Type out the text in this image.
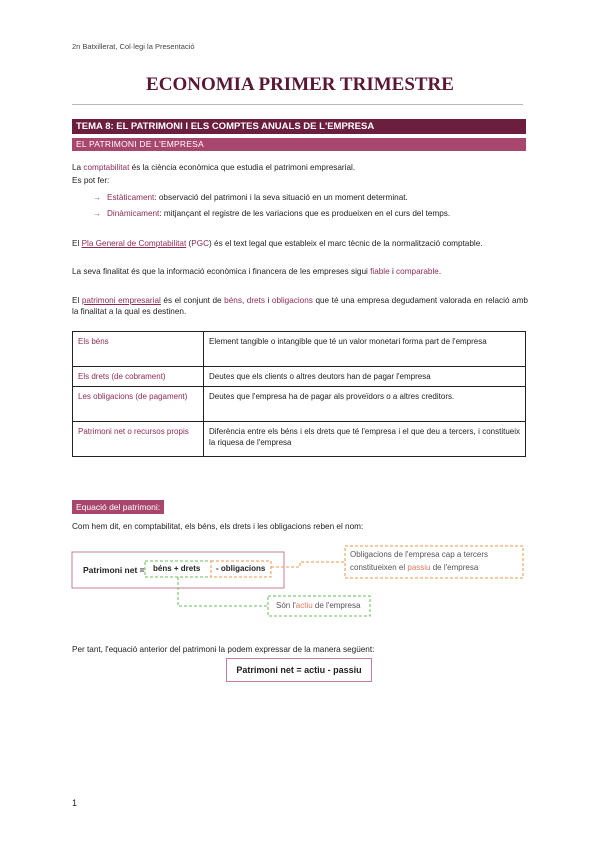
2n Batxillerat, Col·legi la Presentació
ECONOMIA PRIMER TRIMESTRE
TEMA 8: EL PATRIMONI I ELS COMPTES ANUALS DE L'EMPRESA
EL PATRIMONI DE L'EMPRESA
La comptabilitat és la ciència econòmica que estudia el patrimoni empresarial.
Es pot fer:
→ Estàticament: observació del patrimoni i la seva situació en un moment determinat.
→ Dinàmicament: mitjançant el registre de les variacions que es produeixen en el curs del temps.
El Pla General de Comptabilitat (PGC) és el text legal que estableix el marc tècnic de la normalització comptable.
La seva finalitat és que la informació econòmica i financera de les empreses sigui fiable i comparable.
El patrimoni empresarial és el conjunt de béns, drets i obligacions que té una empresa degudament valorada en relació amb la finalitat a la qual es destinen.
Els béns	Element tangible o intangible que té un valor monetari forma part de l'empresa
Els drets (de cobrament)	Deutes que els clients o altres deutors han de pagar l'empresa
Les obligacions (de pagament)	Deutes que l'empresa ha de pagar als proveïdors o a altres creditors.
Patrimoni net o recursos propis	Diferència entre els béns i els drets que té l'empresa i el que deu a tercers, i constitueix la riquesa de l'empresa
Equació del patrimoni:
Com hem dit, en comptabilitat, els béns, els drets i les obligacions reben el nom:
Patrimoni net = béns + drets - obligacions
Obligacions de l'empresa cap a tercers
constitueixen el passiu de l'empresa
Són l'actiu de l'empresa
Per tant, l'equació anterior del patrimoni la podem expressar de la manera següent:
Patrimoni net = actiu - passiu
1
